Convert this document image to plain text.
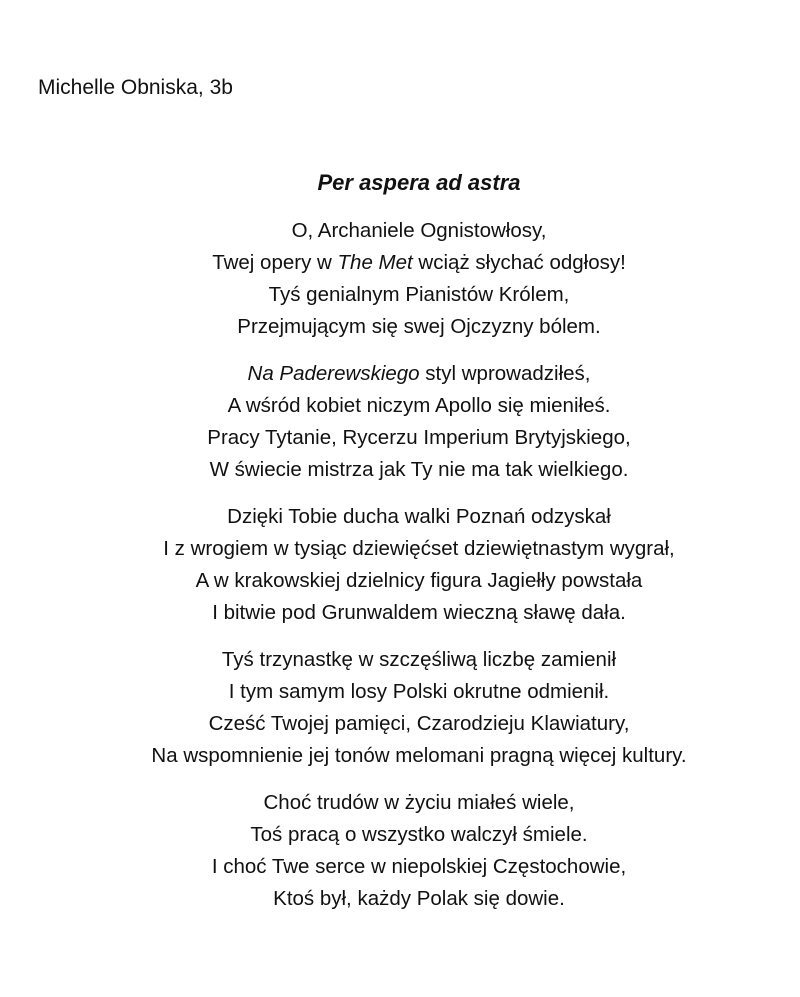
Michelle Obniska, 3b
Per aspera ad astra
O, Archaniele Ognistowłosy,
Twej opery w The Met wciąż słychać odgłosy!
Tyś genialnym Pianistów Królem,
Przejmującym się swej Ojczyzny bólem.
Na Paderewskiego styl wprowadziłeś,
A wśród kobiet niczym Apollo się mieniłeś.
Pracy Tytanie, Rycerzu Imperium Brytyjskiego,
W świecie mistrza jak Ty nie ma tak wielkiego.
Dzięki Tobie ducha walki Poznań odzyskał
I z wrogiem w tysiąc dziewięćset dziewiętnastym wygrał,
A w krakowskiej dzielnicy figura Jagiełły powstała
I bitwie pod Grunwaldem wieczną sławę dała.
Tyś trzynastkę w szczęśliwą liczbę zamienił
I tym samym losy Polski okrutne odmienił.
Cześć Twojej pamięci, Czarodzieju Klawiatury,
Na wspomnienie jej tonów melomani pragną więcej kultury.
Choć trudów w życiu miałeś wiele,
Toś pracą o wszystko walczył śmiele.
I choć Twe serce w niepolskiej Częstochowie,
Ktoś był, każdy Polak się dowie.
